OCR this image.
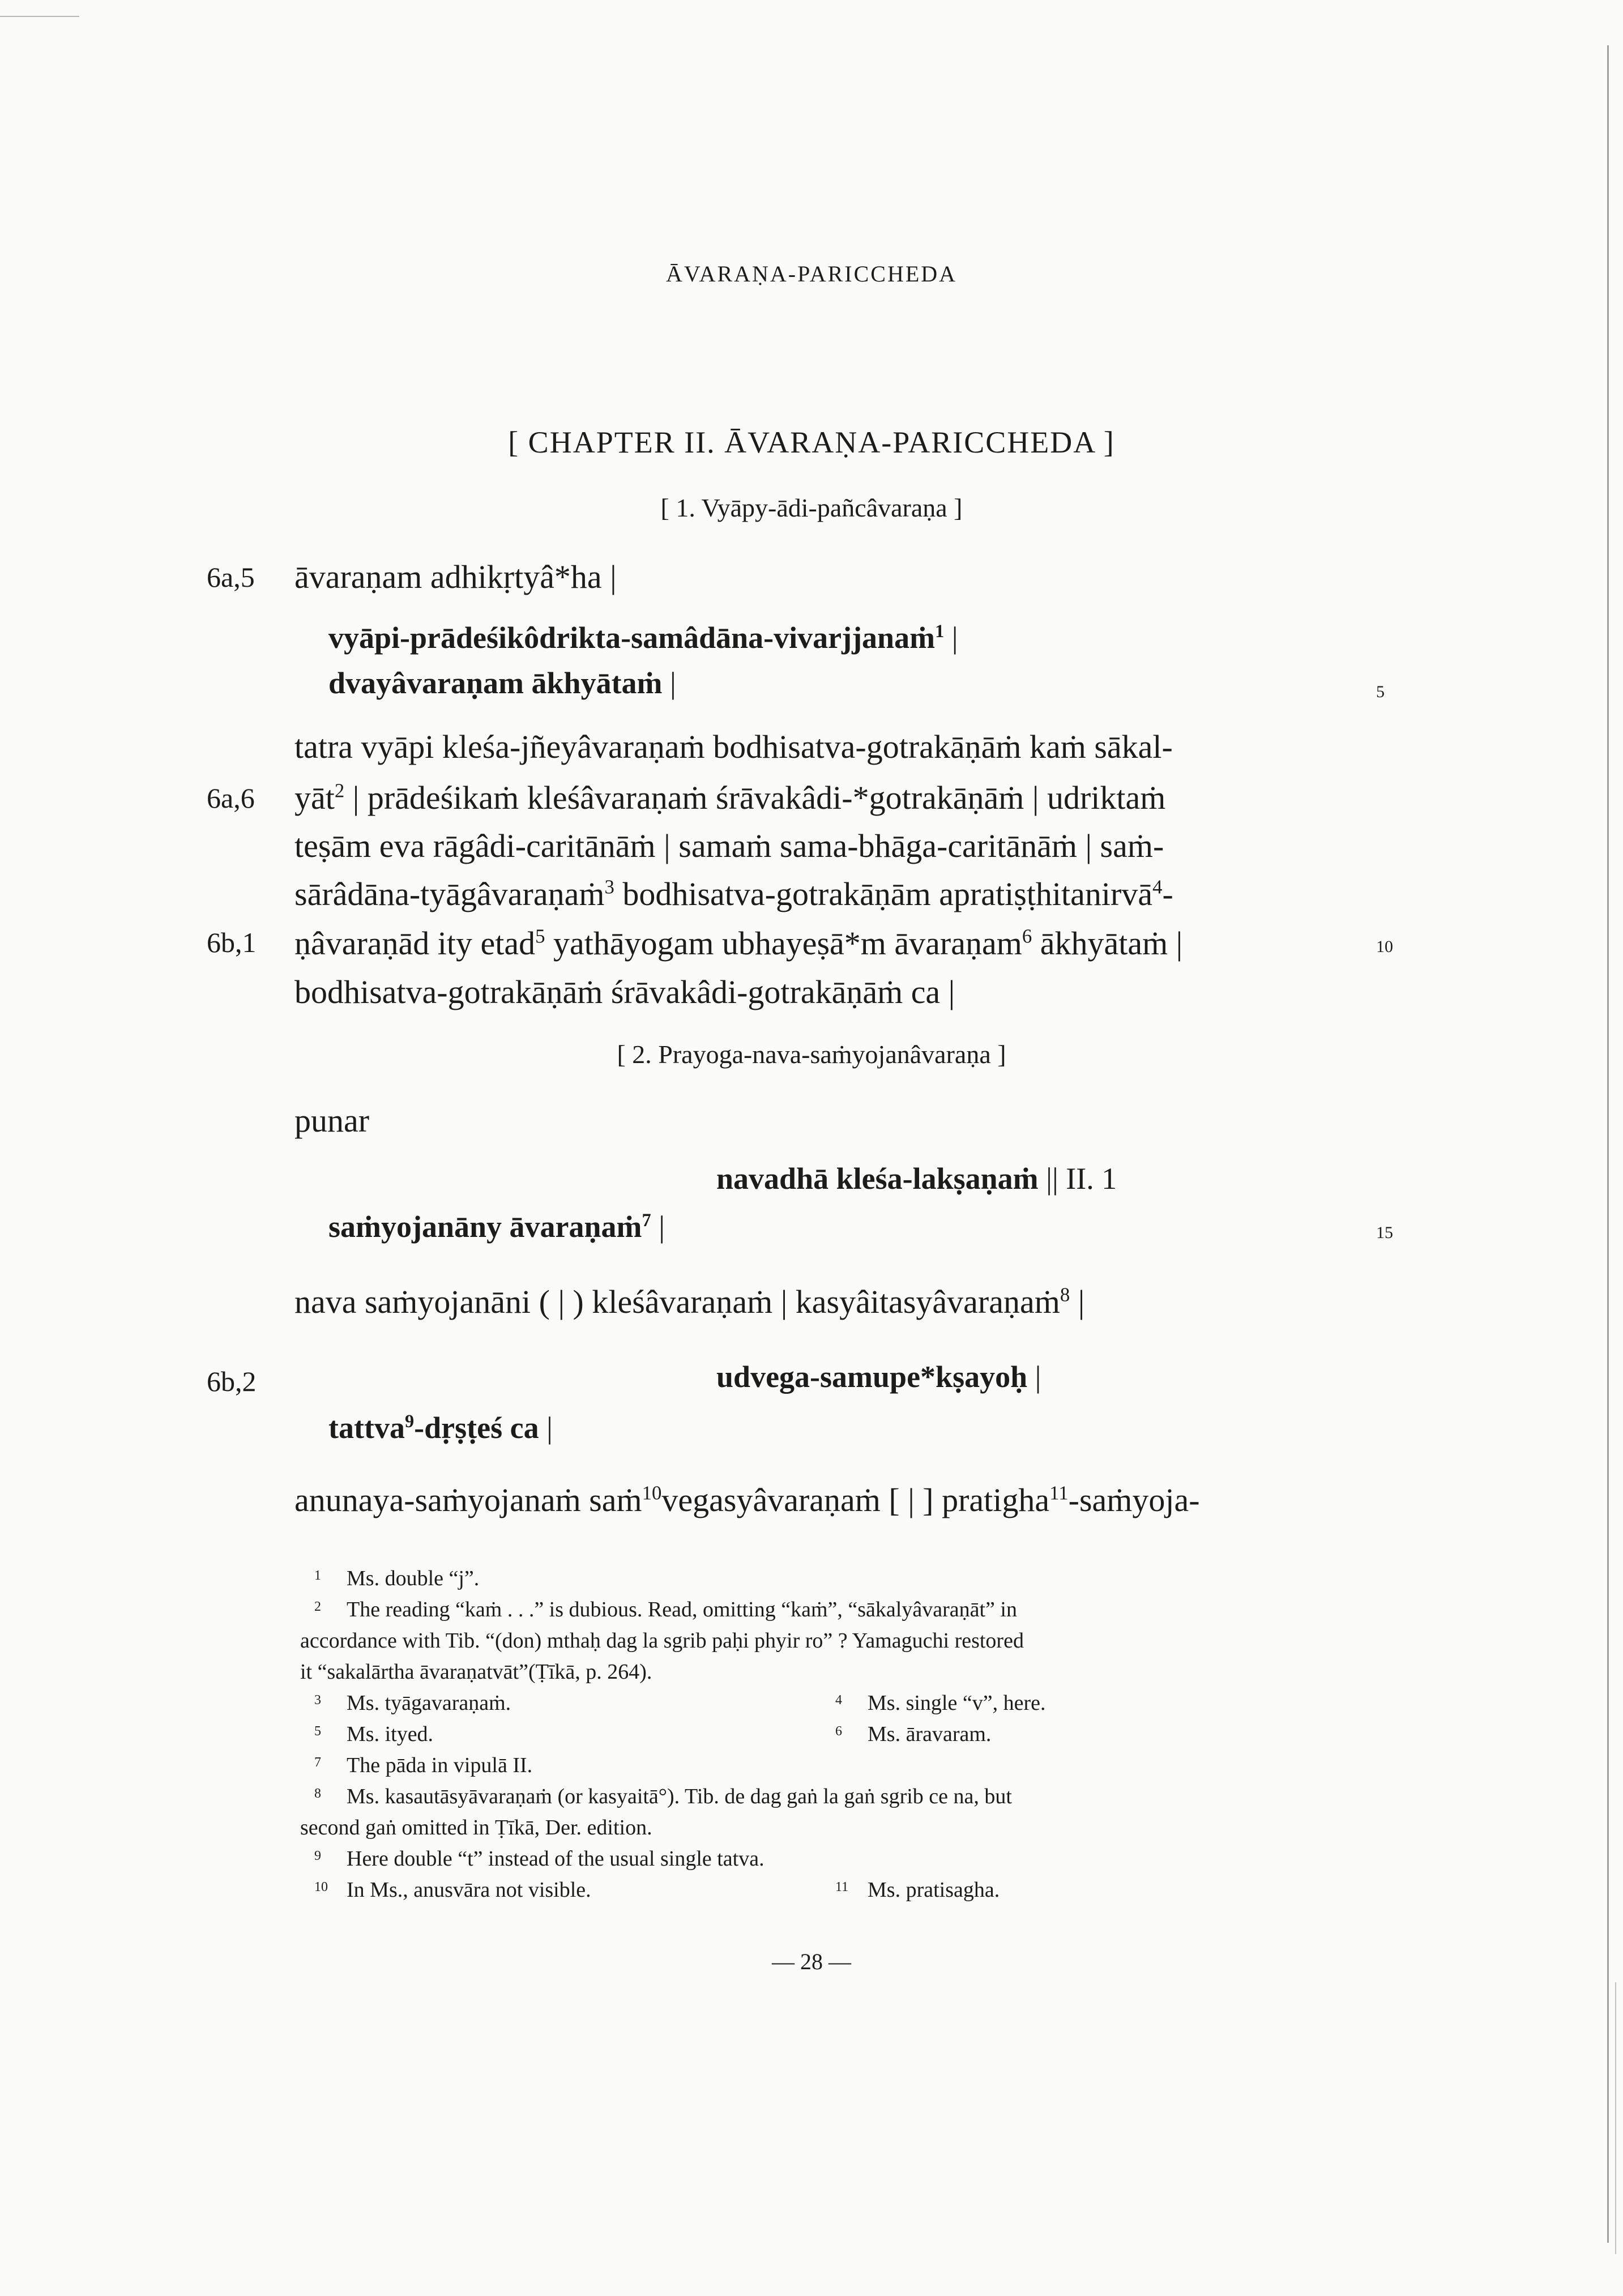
ĀVARAṆA-PARICCHEDA
[ CHAPTER II. ĀVARAṆA-PARICCHEDA ]
[ 1. Vyāpy-ādi-pañcâvaraṇa ]
6a,5
6a,6
6b,1
6b,2
5
10
15
āvaraṇam adhikṛtyâ*ha |
vyāpi-prādeśikôdrikta-samâdāna-vivarjjanaṁ$^1$ |
dvayâvaraṇam ākhyātaṁ |
tatra vyāpi kleśa-jñeyâvaraṇaṁ bodhisatva-gotrakāṇāṁ kaṁ sākal-
yāt$^2$ | prādeśikaṁ kleśâvaraṇaṁ śrāvakâdi-*gotrakāṇāṁ | udriktaṁ
teṣām eva rāgâdi-caritānāṁ | samaṁ sama-bhāga-caritānāṁ | saṁ-
sārâdāna-tyāgâvaraṇaṁ$^3$ bodhisatva-gotrakāṇām apratiṣṭhitanirvā$^4$-
ṇâvaraṇād ity etad$^5$ yathāyogam ubhayeṣā*m āvaraṇam$^6$ ākhyātaṁ |
bodhisatva-gotrakāṇāṁ śrāvakâdi-gotrakāṇāṁ ca |
[ 2. Prayoga-nava-saṁyojanâvaraṇa ]
punar
navadhā kleśa-lakṣaṇaṁ || II. 1
saṁyojanāny āvaraṇaṁ$^7$ |
nava saṁyojanāni ( | ) kleśâvaraṇaṁ | kasyâitasyâvaraṇaṁ$^8$ |
udvega-samupe*kṣayoḥ |
tattva$^9$-dṛṣṭeś ca |
anunaya-saṁyojanaṁ saṁ$^{10}$vegasyâvaraṇaṁ [ | ] pratigha$^{11}$-saṁyoja-
1 Ms. double “j”.
2 The reading “kaṁ . . .” is dubious. Read, omitting “kaṁ”, “sākalyâvaraṇāt” in
accordance with Tib. “(don) mthaḥ dag la sgrib paḥi phyir ro” ? Yamaguchi restored
it “sakalārtha āvaraṇatvāt”(Ṭīkā, p. 264).
3 Ms. tyāgavaraṇaṁ.	4 Ms. single “v”, here.
5 Ms. ityed.	6 Ms. āravaram.
7 The pāda in vipulā II.
8 Ms. kasautāsyāvaraṇaṁ (or kasyaitā°). Tib. de dag gaṅ la gaṅ sgrib ce na, but
second gaṅ omitted in Ṭīkā, Der. edition.
9 Here double “t” instead of the usual single tatva.
10 In Ms., anusvāra not visible.	11 Ms. pratisagha.
— 28 —
